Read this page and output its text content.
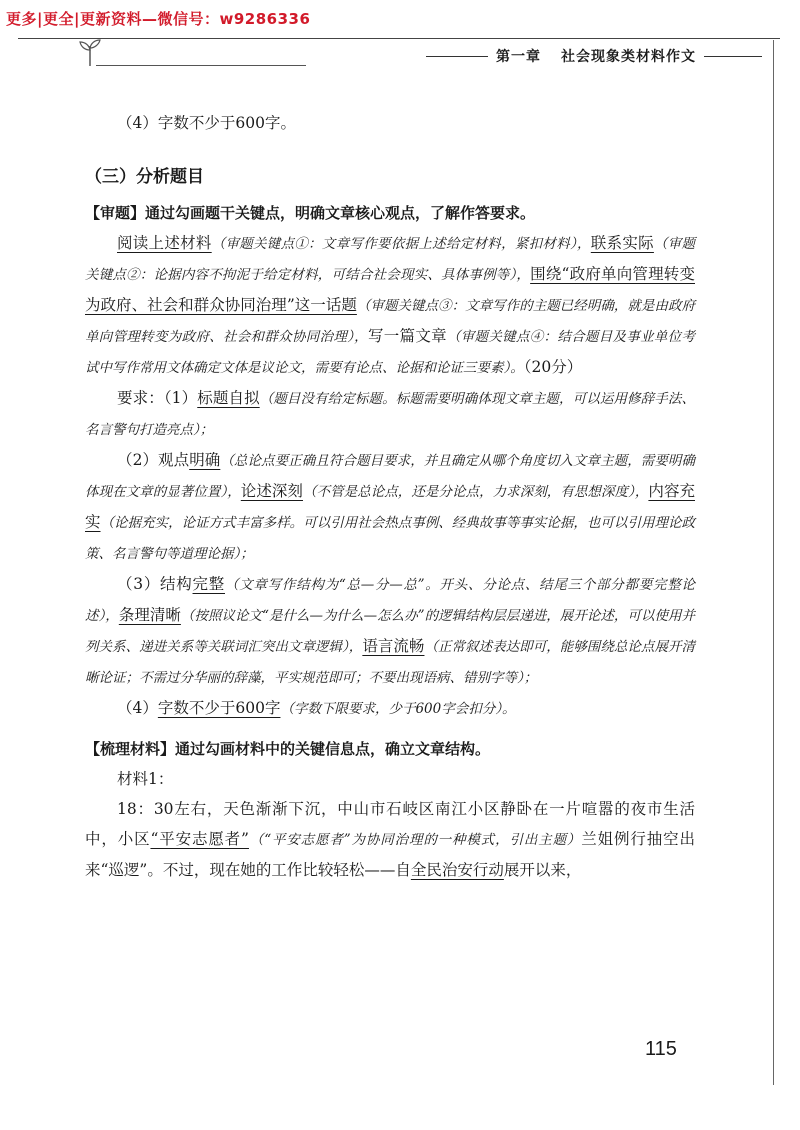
更多|更全|更新资料—微信号：w9286336
第一章 社会现象类材料作文

（4）字数不少于600字。

（三）分析题目

【审题】通过勾画题干关键点，明确文章核心观点，了解作答要求。

阅读上述材料（审题关键点①：文章写作要依据上述给定材料，紧扣材料），联系实际（审题关键点②：论据内容不拘泥于给定材料，可结合社会现实、具体事例等），围绕“政府单向管理转变为政府、社会和群众协同治理”这一话题（审题关键点③：文章写作的主题已经明确，就是由政府单向管理转变为政府、社会和群众协同治理），写一篇文章（审题关键点④：结合题目及事业单位考试中写作常用文体确定文体是议论文，需要有论点、论据和论证三要素）。（20分）

要求：（1）标题自拟（题目没有给定标题。标题需要明确体现文章主题，可以运用修辞手法、名言警句打造亮点）；

（2）观点明确（总论点要正确且符合题目要求，并且确定从哪个角度切入文章主题，需要明确体现在文章的显著位置），论述深刻（不管是总论点，还是分论点，力求深刻，有思想深度），内容充实（论据充实，论证方式丰富多样。可以引用社会热点事例、经典故事等事实论据，也可以引用理论政策、名言警句等道理论据）；

（3）结构完整（文章写作结构为“总—分—总”。开头、分论点、结尾三个部分都要完整论述），条理清晰（按照议论文“是什么—为什么—怎么办”的逻辑结构层层递进，展开论述，可以使用并列关系、递进关系等关联词汇突出文章逻辑），语言流畅（正常叙述表达即可，能够围绕总论点展开清晰论证；不需过分华丽的辞藻，平实规范即可；不要出现语病、错别字等）；

（4）字数不少于600字（字数下限要求，少于600字会扣分）。

【梳理材料】通过勾画材料中的关键信息点，确立文章结构。

材料1：

18：30左右，天色渐渐下沉，中山市石岐区南江小区静卧在一片喧嚣的夜市生活中，小区“平安志愿者”（“平安志愿者”为协同治理的一种模式，引出主题）兰姐例行抽空出来“巡逻”。不过，现在她的工作比较轻松——自全民治安行动展开以来，

115
